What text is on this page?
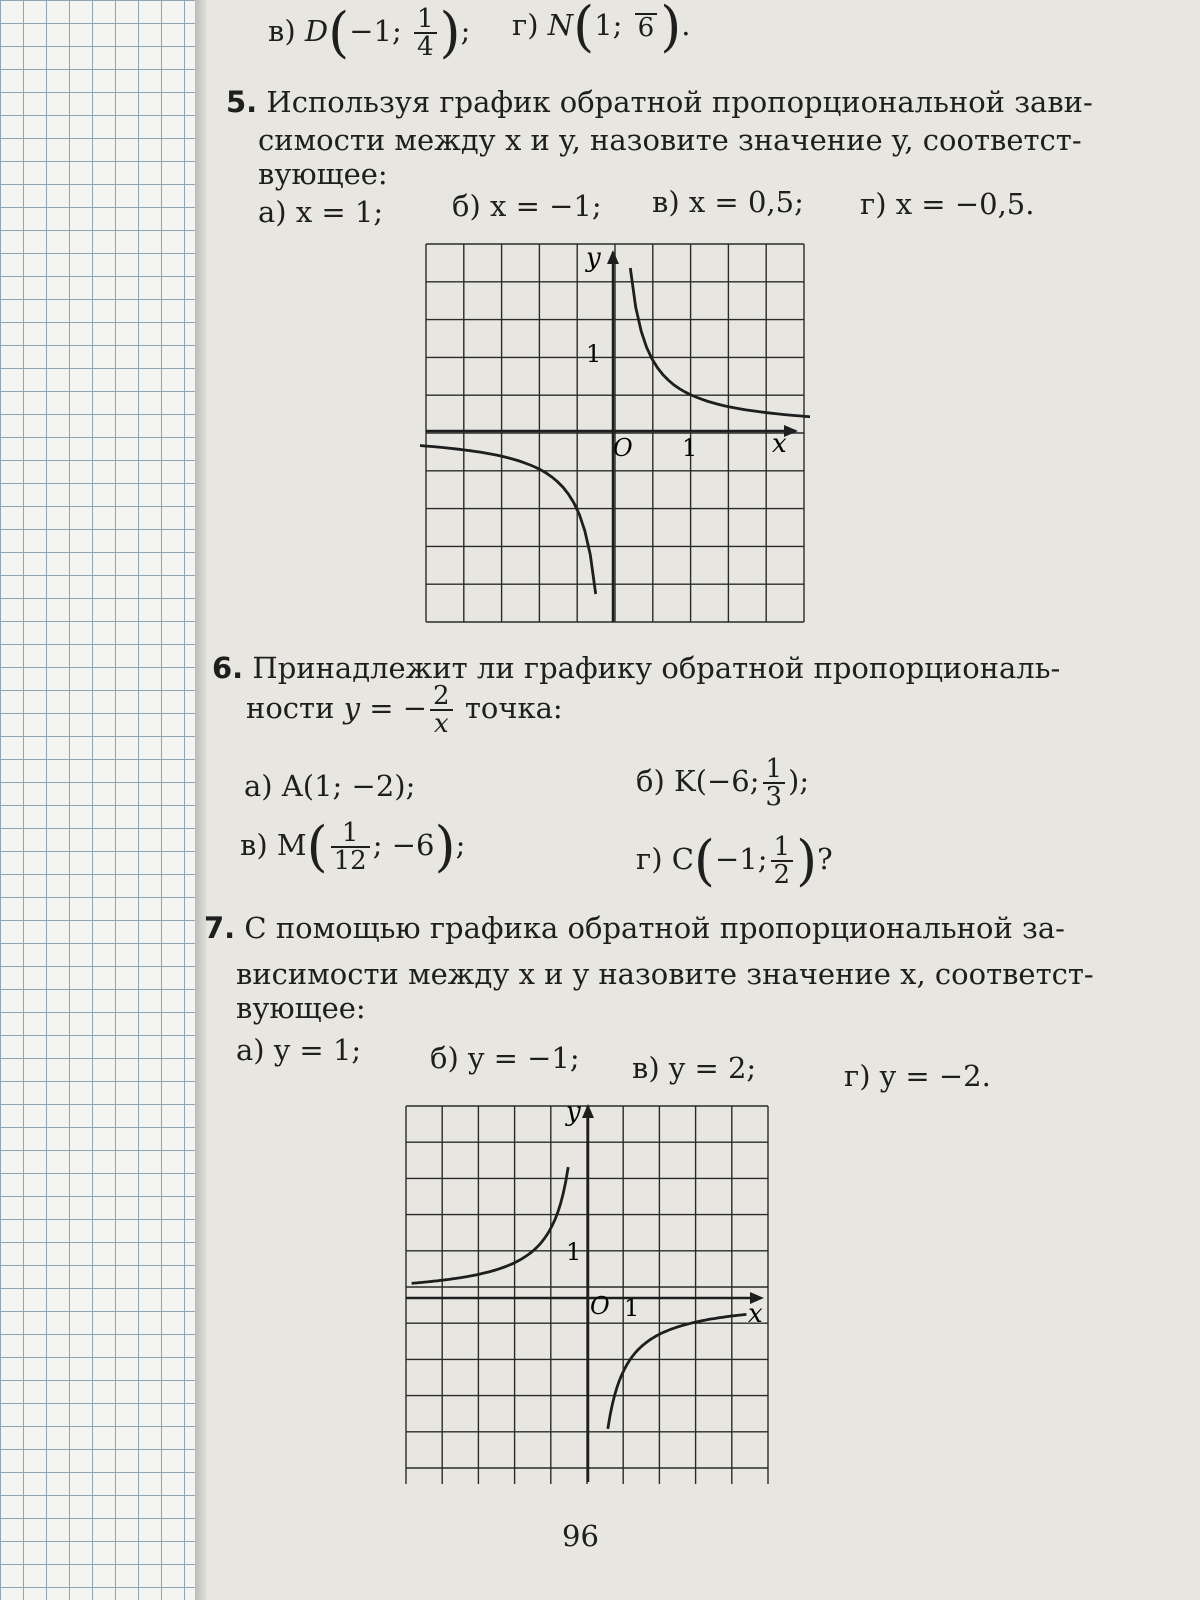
в) D(−1; $\frac{1}{4}$ ); г) N(1; 6 ).
5. Используя график обратной пропорциональной зави-
симости между x и y, назовите значение y, соответст-
вующее:
а) x = 1; б) x = −1; в) x = 0,5; г) x = −0,5.
y
x
O 1
1
6. Принадлежит ли графику обратной пропорциональ-
ности y = − $\frac{2}{x}$ точка:
а) A(1; −2);	б) K(−6; $\frac{1}{3}$ );
в) $M( \frac{1}{12}$ ; −6);	г) C(−1; $\frac{1}{2}$ )?
7. С помощью графика обратной пропорциональной за-
висимости между x и y назовите значение x, соответст-
вующее:
а) y = 1; б) y = −1; в) y = 2;	г) y = −2.
y
x
O 1
1
96
